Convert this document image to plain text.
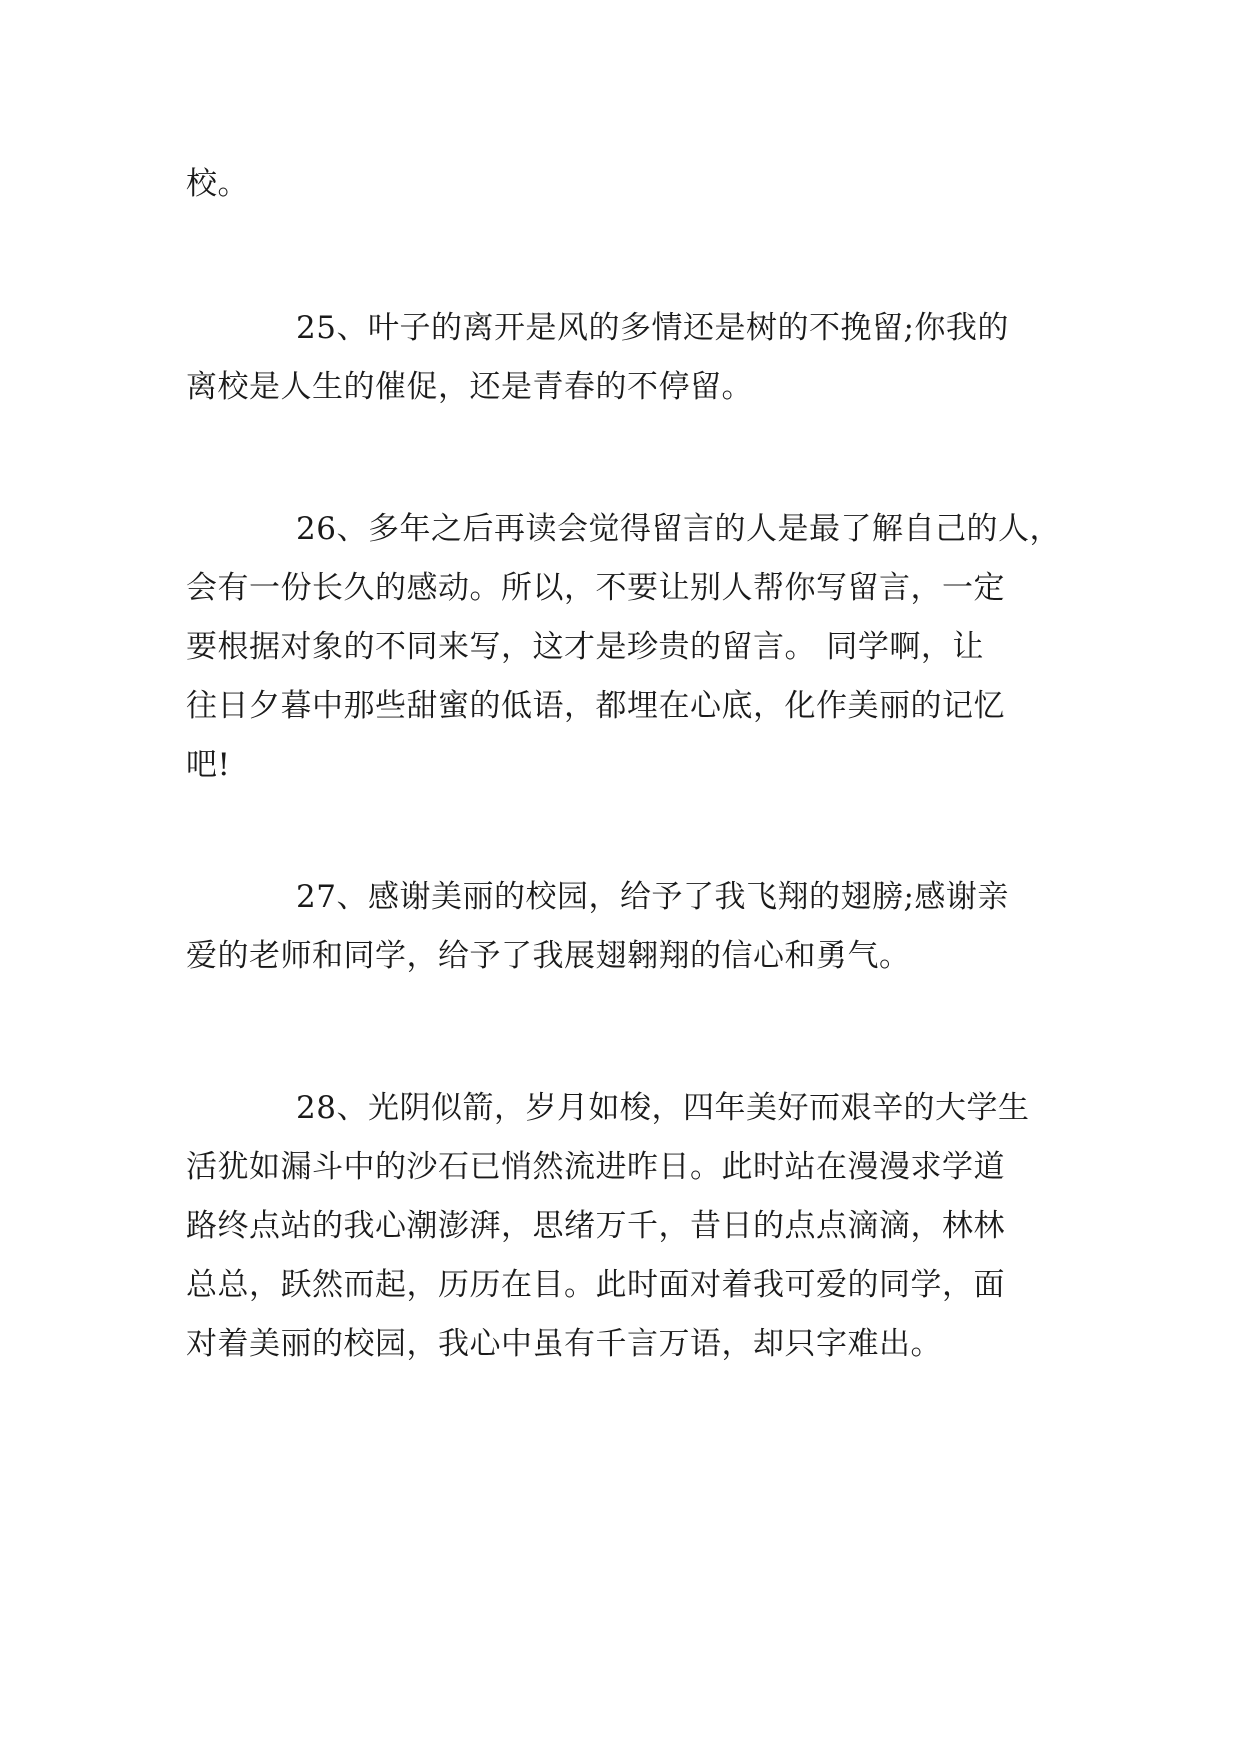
校。
25、叶子的离开是风的多情还是树的不挽留;你我的
离校是人生的催促，还是青春的不停留。
26、多年之后再读会觉得留言的人是最了解自己的人，
会有一份长久的感动。所以，不要让别人帮你写留言，一定
要根据对象的不同来写，这才是珍贵的留言。 同学啊，让
往日夕暮中那些甜蜜的低语，都埋在心底，化作美丽的记忆
吧!
27、感谢美丽的校园，给予了我飞翔的翅膀;感谢亲
爱的老师和同学，给予了我展翅翱翔的信心和勇气。
28、光阴似箭，岁月如梭，四年美好而艰辛的大学生
活犹如漏斗中的沙石已悄然流进昨日。此时站在漫漫求学道
路终点站的我心潮澎湃，思绪万千，昔日的点点滴滴，林林
总总，跃然而起，历历在目。此时面对着我可爱的同学，面
对着美丽的校园，我心中虽有千言万语，却只字难出。
